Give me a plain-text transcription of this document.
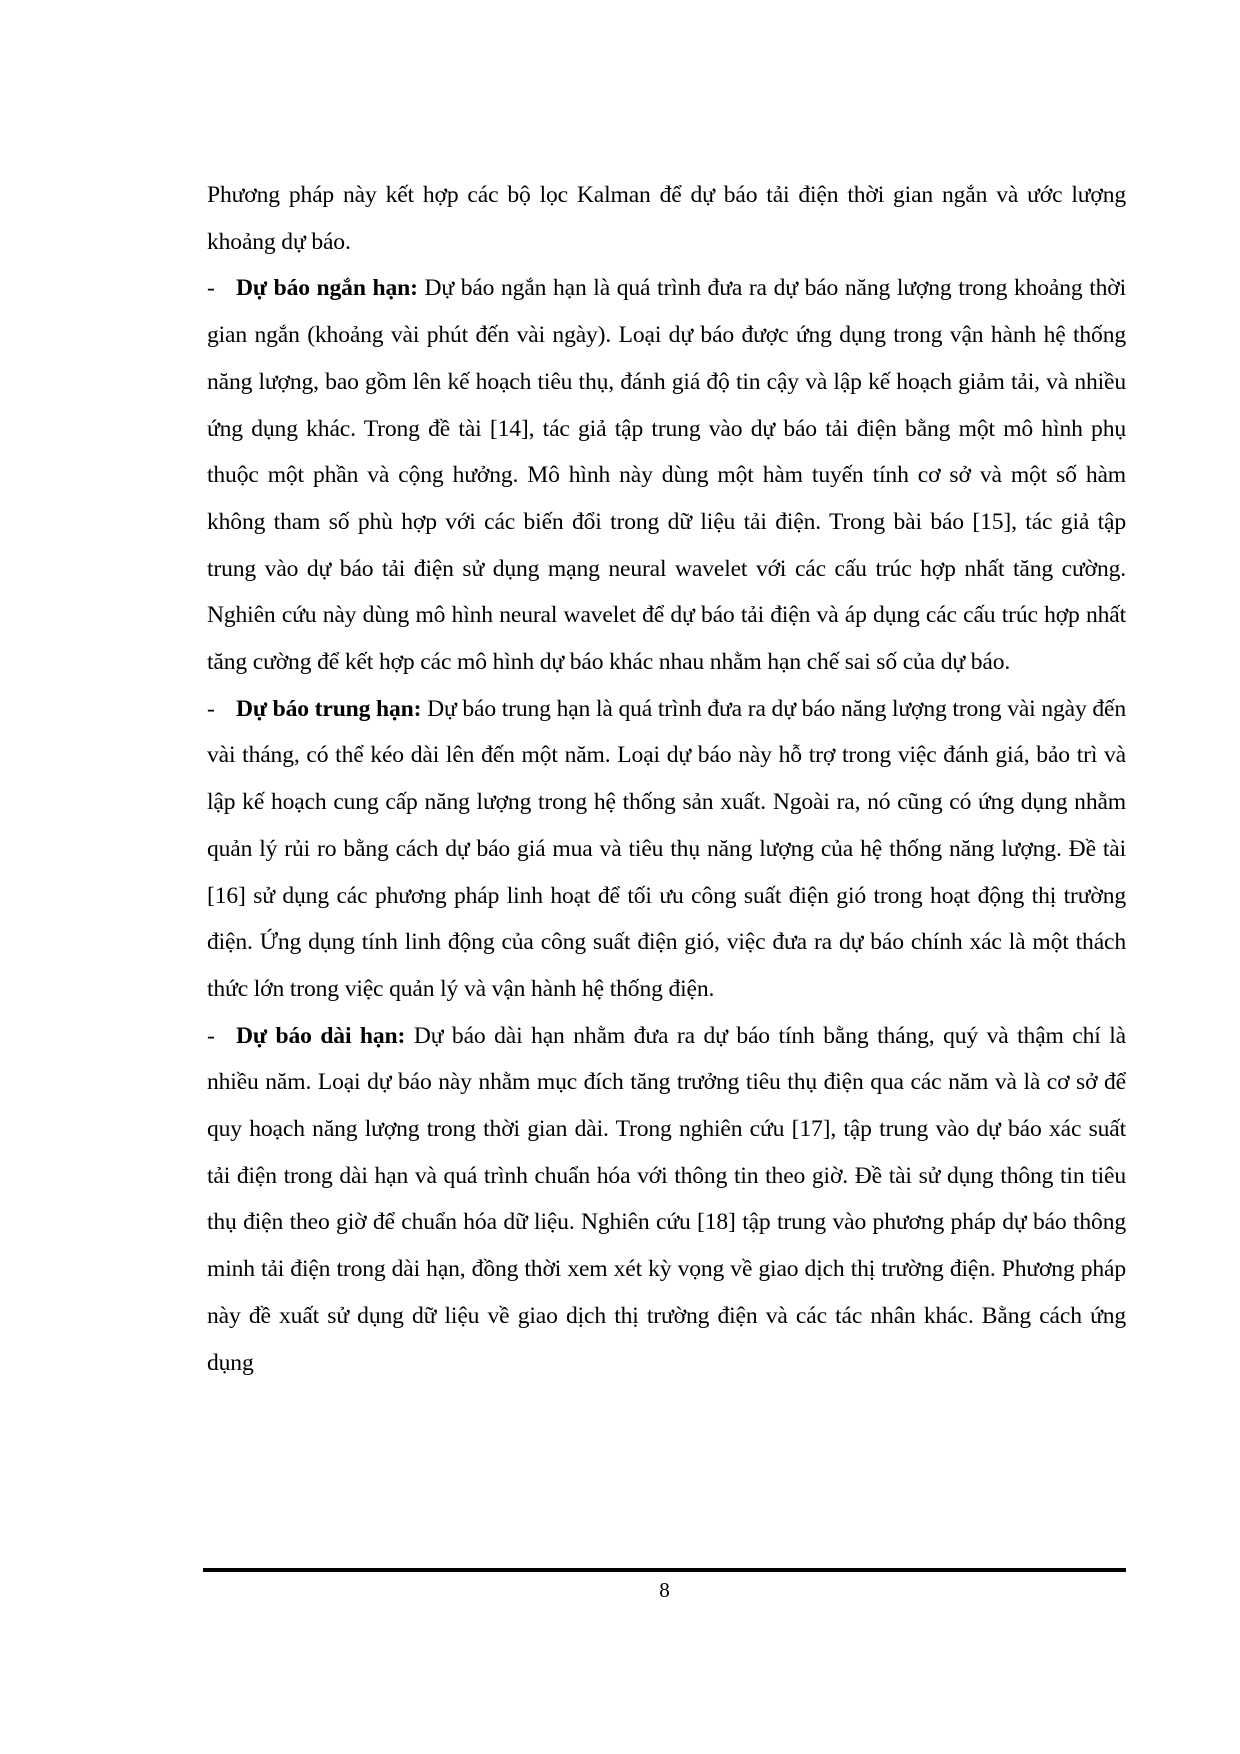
Phương pháp này kết hợp các bộ lọc Kalman để dự báo tải điện thời gian ngắn và ước lượng khoảng dự báo.

- Dự báo ngắn hạn: Dự báo ngắn hạn là quá trình đưa ra dự báo năng lượng trong khoảng thời gian ngắn (khoảng vài phút đến vài ngày). Loại dự báo được ứng dụng trong vận hành hệ thống năng lượng, bao gồm lên kế hoạch tiêu thụ, đánh giá độ tin cậy và lập kế hoạch giảm tải, và nhiều ứng dụng khác. Trong đề tài [14], tác giả tập trung vào dự báo tải điện bằng một mô hình phụ thuộc một phần và cộng hưởng. Mô hình này dùng một hàm tuyến tính cơ sở và một số hàm không tham số phù hợp với các biến đổi trong dữ liệu tải điện. Trong bài báo [15], tác giả tập trung vào dự báo tải điện sử dụng mạng neural wavelet với các cấu trúc hợp nhất tăng cường. Nghiên cứu này dùng mô hình neural wavelet để dự báo tải điện và áp dụng các cấu trúc hợp nhất tăng cường để kết hợp các mô hình dự báo khác nhau nhằm hạn chế sai số của dự báo.

- Dự báo trung hạn: Dự báo trung hạn là quá trình đưa ra dự báo năng lượng trong vài ngày đến vài tháng, có thể kéo dài lên đến một năm. Loại dự báo này hỗ trợ trong việc đánh giá, bảo trì và lập kế hoạch cung cấp năng lượng trong hệ thống sản xuất. Ngoài ra, nó cũng có ứng dụng nhằm quản lý rủi ro bằng cách dự báo giá mua và tiêu thụ năng lượng của hệ thống năng lượng. Đề tài [16] sử dụng các phương pháp linh hoạt để tối ưu công suất điện gió trong hoạt động thị trường điện. Ứng dụng tính linh động của công suất điện gió, việc đưa ra dự báo chính xác là một thách thức lớn trong việc quản lý và vận hành hệ thống điện.

- Dự báo dài hạn: Dự báo dài hạn nhằm đưa ra dự báo tính bằng tháng, quý và thậm chí là nhiều năm. Loại dự báo này nhằm mục đích tăng trưởng tiêu thụ điện qua các năm và là cơ sở để quy hoạch năng lượng trong thời gian dài. Trong nghiên cứu [17], tập trung vào dự báo xác suất tải điện trong dài hạn và quá trình chuẩn hóa với thông tin theo giờ. Đề tài sử dụng thông tin tiêu thụ điện theo giờ để chuẩn hóa dữ liệu. Nghiên cứu [18] tập trung vào phương pháp dự báo thông minh tải điện trong dài hạn, đồng thời xem xét kỳ vọng về giao dịch thị trường điện. Phương pháp này đề xuất sử dụng dữ liệu về giao dịch thị trường điện và các tác nhân khác. Bằng cách ứng dụng

8
